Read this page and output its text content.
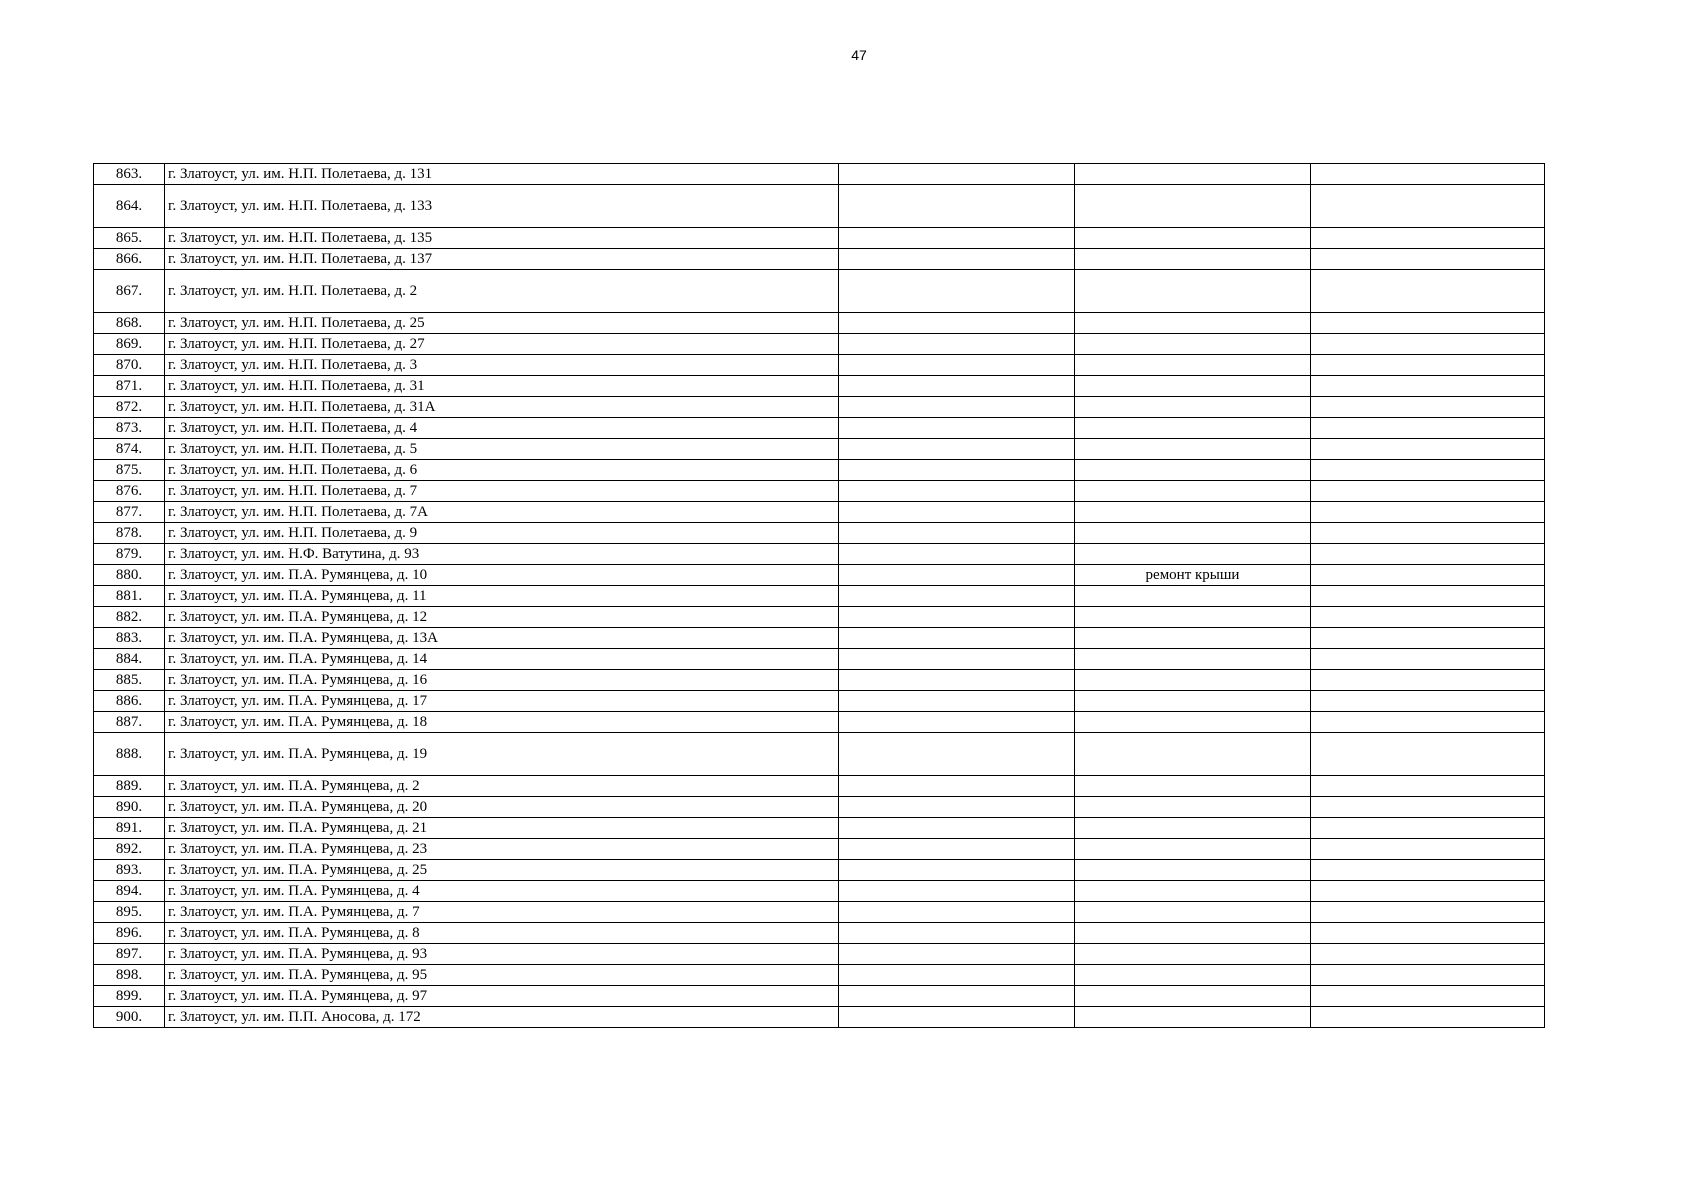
47
863.	г. Златоуст, ул. им. Н.П. Полетаева, д. 131			
864.	г. Златоуст, ул. им. Н.П. Полетаева, д. 133			
865.	г. Златоуст, ул. им. Н.П. Полетаева, д. 135			
866.	г. Златоуст, ул. им. Н.П. Полетаева, д. 137			
867.	г. Златоуст, ул. им. Н.П. Полетаева, д. 2			
868.	г. Златоуст, ул. им. Н.П. Полетаева, д. 25			
869.	г. Златоуст, ул. им. Н.П. Полетаева, д. 27			
870.	г. Златоуст, ул. им. Н.П. Полетаева, д. 3			
871.	г. Златоуст, ул. им. Н.П. Полетаева, д. 31			
872.	г. Златоуст, ул. им. Н.П. Полетаева, д. 31А			
873.	г. Златоуст, ул. им. Н.П. Полетаева, д. 4			
874.	г. Златоуст, ул. им. Н.П. Полетаева, д. 5			
875.	г. Златоуст, ул. им. Н.П. Полетаева, д. 6			
876.	г. Златоуст, ул. им. Н.П. Полетаева, д. 7			
877.	г. Златоуст, ул. им. Н.П. Полетаева, д. 7А			
878.	г. Златоуст, ул. им. Н.П. Полетаева, д. 9			
879.	г. Златоуст, ул. им. Н.Ф. Ватутина, д. 93			
880.	г. Златоуст, ул. им. П.А. Румянцева, д. 10		ремонт крыши	
881.	г. Златоуст, ул. им. П.А. Румянцева, д. 11			
882.	г. Златоуст, ул. им. П.А. Румянцева, д. 12			
883.	г. Златоуст, ул. им. П.А. Румянцева, д. 13А			
884.	г. Златоуст, ул. им. П.А. Румянцева, д. 14			
885.	г. Златоуст, ул. им. П.А. Румянцева, д. 16			
886.	г. Златоуст, ул. им. П.А. Румянцева, д. 17			
887.	г. Златоуст, ул. им. П.А. Румянцева, д. 18			
888.	г. Златоуст, ул. им. П.А. Румянцева, д. 19			
889.	г. Златоуст, ул. им. П.А. Румянцева, д. 2			
890.	г. Златоуст, ул. им. П.А. Румянцева, д. 20			
891.	г. Златоуст, ул. им. П.А. Румянцева, д. 21			
892.	г. Златоуст, ул. им. П.А. Румянцева, д. 23			
893.	г. Златоуст, ул. им. П.А. Румянцева, д. 25			
894.	г. Златоуст, ул. им. П.А. Румянцева, д. 4			
895.	г. Златоуст, ул. им. П.А. Румянцева, д. 7			
896.	г. Златоуст, ул. им. П.А. Румянцева, д. 8			
897.	г. Златоуст, ул. им. П.А. Румянцева, д. 93			
898.	г. Златоуст, ул. им. П.А. Румянцева, д. 95			
899.	г. Златоуст, ул. им. П.А. Румянцева, д. 97			
900.	г. Златоуст, ул. им. П.П. Аносова, д. 172			
